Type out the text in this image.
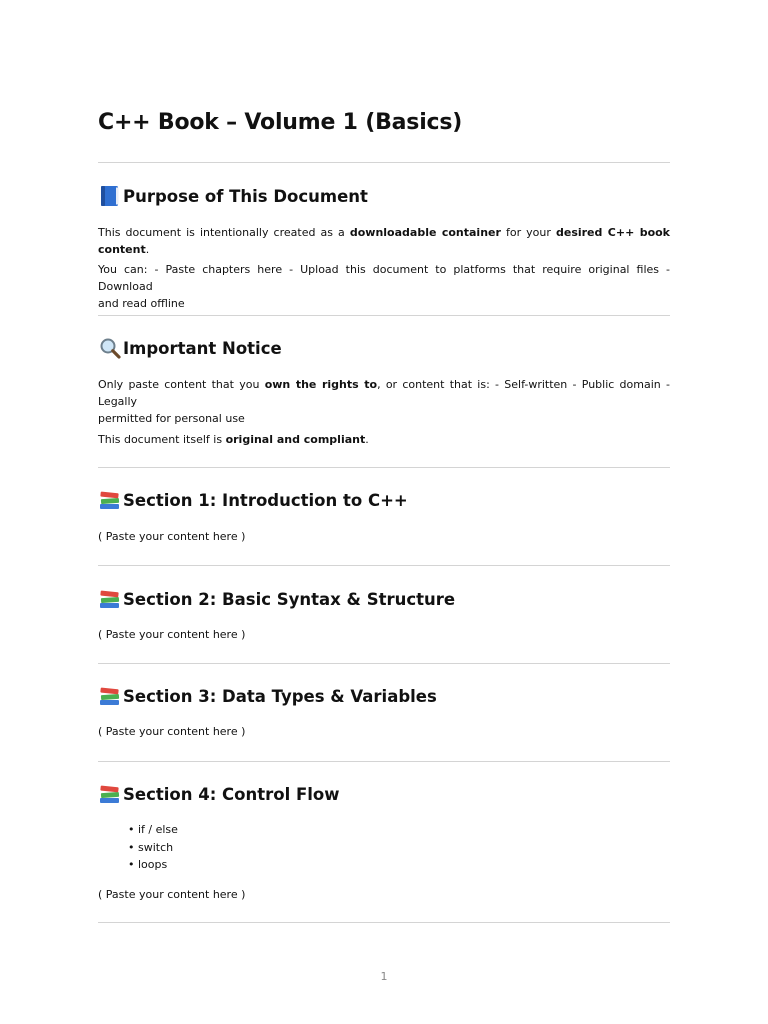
C++ Book – Volume 1 (Basics)
Purpose of This Document

This document is intentionally created as a downloadable container for your desired C++ book content.

You can: - Paste chapters here - Upload this document to platforms that require original files - Download
and read offline

Important Notice

Only paste content that you own the rights to, or content that is: - Self-written - Public domain - Legally
permitted for personal use

This document itself is original and compliant.

Section 1: Introduction to C++

( Paste your content here )

Section 2: Basic Syntax & Structure

( Paste your content here )

Section 3: Data Types & Variables

( Paste your content here )

Section 4: Control Flow
• if / else
• switch
• loops

( Paste your content here )

1
